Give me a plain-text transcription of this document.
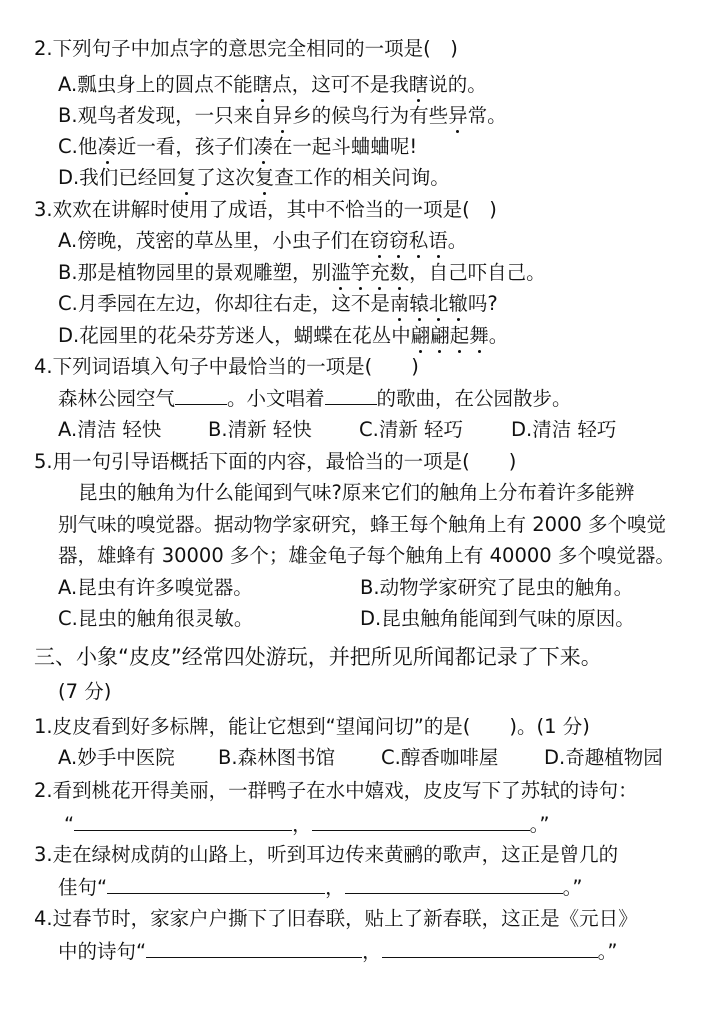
2.下列句子中加点字的意思完全相同的一项是(　)
A.瓢虫身上的圆点不能瞎点，这可不是我瞎说的。
B.观鸟者发现，一只来自异乡的候鸟行为有些异常。
C.他凑近一看，孩子们凑在一起斗蛐蛐呢!
D.我们已经回复了这次复查工作的相关问询。
3.欢欢在讲解时使用了成语，其中不恰当的一项是(　)
A.傍晚，茂密的草丛里，小虫子们在窃窃私语。
B.那是植物园里的景观雕塑，别滥竽充数，自己吓自己。
C.月季园在左边，你却往右走，这不是南辕北辙吗?
D.花园里的花朵芬芳迷人，蝴蝶在花丛中翩翩起舞。
4.下列词语填入句子中最恰当的一项是(　　)
森林公园空气	。小文唱着	的歌曲，在公园散步。
A.清洁 轻快 B.清新 轻快 C.清新 轻巧 D.清洁 轻巧
5.用一句引导语概括下面的内容，最恰当的一项是(　　)
昆虫的触角为什么能闻到气味?原来它们的触角上分布着许多能辨
别气味的嗅觉器。据动物学家研究，蜂王每个触角上有 2000 多个嗅觉
器，雄蜂有 30000 多个；雄金龟子每个触角上有 40000 多个嗅觉器。
A.昆虫有许多嗅觉器。	B.动物学家研究了昆虫的触角。
C.昆虫的触角很灵敏。	D.昆虫触角能闻到气味的原因。
三、小象“皮皮”经常四处游玩，并把所见所闻都记录了下来。
(7 分)
1.皮皮看到好多标牌，能让它想到“望闻问切”的是(　　)。(1 分)
A.妙手中医院 B.森林图书馆 C.醇香咖啡屋 D.奇趣植物园
2.看到桃花开得美丽，一群鸭子在水中嬉戏，皮皮写下了苏轼的诗句：
“	，	。”
3.走在绿树成荫的山路上，听到耳边传来黄鹂的歌声，这正是曾几的
佳句“	，	。”
4.过春节时，家家户户撕下了旧春联，贴上了新春联，这正是《元日》
中的诗句“	，	。”
